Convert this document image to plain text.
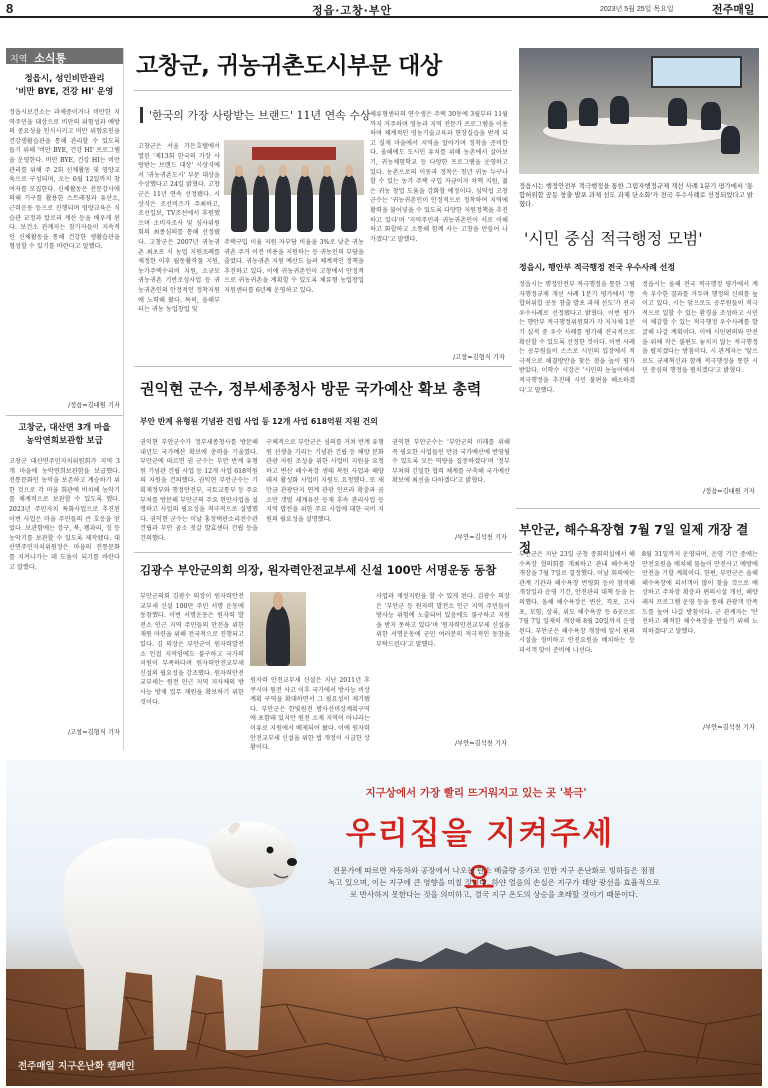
8	정읍·고창·부안	2023년 5월 25일 목요일	전주매일
지역 소식통
정읍시, 성인비만관리
'비만 BYE, 건강 HI' 운영
정읍시보건소는 과체중이거나 비만한 지역주민을 대상으로 비만의 위험성과 예방의 중요성을 인식시키고 비만 위험요인을 건강생활습관을 통해 관리할 수 있도록 돕기 위해 '비만 BYE, 건강 HI' 프로그램을 운영한다. 비만 BYE, 건강 HI는 비만관리를 위해 주 2회 신체활동 및 영양교육으로 구성되며, 오는 6월 12일까지 참여자를 모집한다. 신체활동은 전문강사에 의해 기구를 활용한 스트레칭과 유산소, 근력운동 등으로 진행되며 영양교육은 식습관 교정과 칼로리 계산 등을 배우게 된다. 보건소 관계자는 참가자들이 지속적인 신체활동을 통해 건강한 생활습관을 형성할 수 있기를 바란다고 말했다.
/정읍=김대원 기자
고창군, 대산면 3개 마을
농악연희보관함 보급
고창군 대산면주민자치위원회가 지역 3개 마을에 농악연희보관함을 보급했다. 전통문화인 농악을 보존하고 계승하기 위한 것으로 각 마을 회관에 비치해 농악기를 체계적으로 보관할 수 있도록 했다. 2023년 주민자치 특화사업으로 추진된 이번 사업은 마을 주민들의 큰 호응을 얻었다. 보관함에는 장구, 북, 꽹과리, 징 등 농악기를 보관할 수 있도록 제작됐다. 대산면주민자치위원장은 마을의 전통문화를 지켜나가는 데 도움이 되기를 바란다고 말했다.
/고창=김형식 기자
고창군, 귀농귀촌도시부문 대상
'한국의 가장 사랑받는 브랜드' 11년 연속 수상
고창군은 서울 가든호텔에서 열린 '제13회 한국의 가장 사랑받는 브랜드 대상' 시상식에서 '귀농귀촌도시' 부문 대상을 수상했다고 24일 밝혔다. 고창군은 11년 연속 선정됐다. 시상식은 조선비즈가 주최하고, 조선일보, TV조선에서 후원했으며 소비자조사 및 심사위원회의 최종심의를 통해 선정됐다. 고창군은 2007년 귀농귀촌 최초로 시 농업 지원조례를 제정한 이후 월동활작물 지원, 농가주택수리비 지원, 소규모 귀농귀촌 기반조성사업 등 귀농귀촌인의 안정적인 정착지원에 노력해 왔다. 특히, 올해부터는 귀농 농업창업 및
주택구입 이율 지원 자부담 비율을 3%로 낮춘 귀농귀촌 주거 이전 비용을 지원하는 등 귀농인의 부담을 줄였다. 귀농귀촌 지원 예산도 늘려 체계적인 정책을 추진하고 있다. 이에 귀농귀촌인이 고창에서 안정적으로 귀농귀촌을 계획할 수 있도록 체류형 농업창업지원센터를 6년째 운영하고 있다.
체류형센터의 연수생은 주택 30동에 3월부터 11월까지 거주하며 영농과 지역 전문가 프로그램을 이용하며 체계적인 영농기술교육과 현장실습을 받게 되고 실제 마을에서 지역을 알아가며 정착을 준비한다. 올해에도 도시민 유치를 위해 농촌에서 살아보기, 귀농체험학교 등 다양한 프로그램을 운영하고 있다. 농촌으로의 이동과 정착은 청년 귀농 누구나 할 수 있는 농가 주택 구입 자금이자 차액 지원, 젊은 귀농 창업 도움을 강화할 예정이다. 심덕섭 고창군수는 '귀농귀촌인이 안정적으로 정착하여 지역에 활력을 불어넣을 수 있도록 다양한 지원정책을 추진하고 있다'며 '지역주민과 귀농귀촌인이 서로 이해하고 화합하고 소통해 함께 사는 고창을 만들어 나가겠다'고 말했다.
/고창=김형식 기자
정읍시는 행정안전부 적극행정을 통한 그림자행정규제 개선 사례 1분기 평가에서 '통합허위합 공동 창출 발포 과제 선도 과제 단소화'가 전국 우수사례로 선정되었다고 밝혔다.
'시민 중심 적극행정 모범'
정읍시, 행안부 적극행정 전국 우수사례 선정
정읍시는 행정안전부 적극행정을 통한 그림자행정규제 개선 사례 1분기 평가에서 '통합허위합 공동 창출 발포 과제 선도'가 전국 우수사례로 선정됐다고 밝혔다. 이번 평가는 행안부 적극행정위원회가 각 지자체 1분기 실적 중 우수 사례를 평가해 전국적으로 확산할 수 있도록 선정한 것이다. 이번 사례는 공무원들이 스스로 시민의 입장에서 적극적으로 해결방안을 찾은 점을 높이 평가받았다. 이학수 시장은 '시민의 눈높이에서 적극행정을 추진해 시민 불편을 해소하겠다'고 말했다.
정읍시는 올해 전국 적극행정 평가에서 계속 우수한 결과를 거두며 행정의 신뢰를 높이고 있다. 시는 앞으로도 공무원들이 적극적으로 일할 수 있는 환경을 조성하고 시민이 체감할 수 있는 적극행정 우수사례를 발굴해 나갈 계획이다. 이에 시민편의와 안전을 위해 작은 불편도 놓치지 않는 적극행정을 펼치겠다는 방침이다. 시 관계자는 '앞으로도 규제혁신과 함께 적극행정을 통한 시민 중심의 행정을 펼치겠다'고 밝혔다.
/정읍=김대원 기자
권익현 군수, 정부세종청사 방문 국가예산 확보 총력
부안 반계 유형원 기념관 건립 사업 등 12개 사업 618억원 지원 건의
권익현 부안군수가 정부세종청사를 방문해 내년도 국가예산 확보에 총력을 기울였다. 부안군에 따르면 권 군수는 부안 반계 유형원 기념관 건립 사업 등 12개 사업 618억원의 지원을 건의했다. 권익현 부안군수는 기획재정부와 행정안전부, 국토교통부 등 주요 부처를 방문해 부안군의 주요 현안사업을 설명하고 사업의 필요성을 적극적으로 설명했다. 권익현 군수는 이날 홍정택판소리전수관 건립과 부안 곰소 젓갈 발효센터 건립 등을 건의했다.
구체적으로 부안군은 심의를 거쳐 반계 유형원 선생을 기리는 기념관 건립 등 해양 문화관광 자원 조성을 위한 사업비 지원을 요청하고 변산 해수욕장 생태 복원 사업과 해양 레저 활성화 사업비 지원도 요청했다. 또 새만금 관광단지 연계 관광 인프라 확충과 곰소만 갯벌 세계유산 등재 후속 관리사업 등 지역 발전을 위한 주요 사업에 대한 국비 지원의 필요성을 설명했다.
권익현 부안군수는 '부안군의 미래를 위해 꼭 필요한 사업들인 만큼 국가예산에 반영될 수 있도록 모든 역량을 집중하겠다'며 '정부 부처와 긴밀한 협력 체계를 구축해 국가예산 확보에 최선을 다하겠다'고 밝혔다.
/부안=김석천 기자
부안군, 해수욕장협 7월 7일 일제 개장 결정
부안군은 지난 23일 군청 중회의실에서 해수욕장 협의회를 개최하고 관내 해수욕장 개장을 7월 7일로 결정했다. 이날 회의에는 관계 기관과 해수욕장 번영회 등이 참석해 개장일과 운영 기간, 안전관리 대책 등을 논의했다. 올해 해수욕장은 변산, 격포, 고사포, 모항, 상록, 위도 해수욕장 등 6곳으로 7월 7일 일제히 개장해 8월 20일까지 운영된다. 부안군은 해수욕장 개장에 앞서 편의시설을 정비하고 안전요원을 배치하는 등 피서객 맞이 준비에 나선다.
8월 31일까지 운영되며, 운영 기간 중에는 안전요원을 배치해 물놀이 안전사고 예방에 만전을 기할 계획이다. 한편, 부안군은 올해 해수욕장에 피서객이 많이 찾을 것으로 예상하고 주차장 확충과 편의시설 개선, 해양 레저 프로그램 운영 등을 통해 관광객 만족도를 높여 나갈 방침이다. 군 관계자는 '안전하고 쾌적한 해수욕장을 만들기 위해 노력하겠다'고 말했다.
/부안=김석천 기자
김광수 부안군의회 의장, 원자력안전교부세 신설 100만 서명운동 동참
부안군의회 김광수 의장이 원자력안전교부세 신설 100만 주민 서명 운동에 동참했다. 이번 서명운동은 원자력 발전소 인근 지역 주민들의 안전을 위한 재원 마련을 위해 전국적으로 진행되고 있다. 김 의장은 부안군이 원자력발전소 인접 지역임에도 불구하고 국가의 지원이 부족하다며 원자력안전교부세 신설의 필요성을 강조했다. 원자력안전교부세는 원전 인근 지역 지자체의 방사능 방재 업무 재원을 확보하기 위한 것이다.
원자력 안전교부세 신설은 지난 2011년 후쿠시마 원전 사고 이후 국가에서 방사능 비상계획 구역을 확대하면서 그 필요성이 제기됐다. 부안군은 한빛원전 방사선비상계획구역에 포함돼 있지만 원전 소재 지역이 아니라는 이유로 지원에서 배제되어 왔다. 이에 원자력안전교부세 신설을 위한 법 개정이 시급한 상황이다.
사업과 재정지원을 할 수 있게 된다. 김광수 의장은 '부안군 등 원자력 발전소 인근 지역 주민들이 방사능 위험에 노출되어 있음에도 불구하고 지원을 받지 못하고 있다'며 '원자력안전교부세 신설을 위한 서명운동에 군민 여러분의 적극적인 동참을 부탁드린다'고 말했다.
/부안=김석천 기자
지구상에서 가장 빨리 뜨거워지고 있는 곳 '북극'
우리집을 지켜주세요
전문가에 따르면 자동차와 공장에서 나오는 탄소 배출량 증가로 인한 지구 온난화로 빙하들은 점점
녹고 있으며, 이는 지구에 큰 영향을 미칠 것이다. 하얀 얼음의 손실은 지구가 태양 광선을 효율적으로
로 반사하지 못한다는 것을 의미하고, 결국 지구 온도의 상승을 초래할 것이기 때문이다.
전주매일 지구온난화 캠페인
